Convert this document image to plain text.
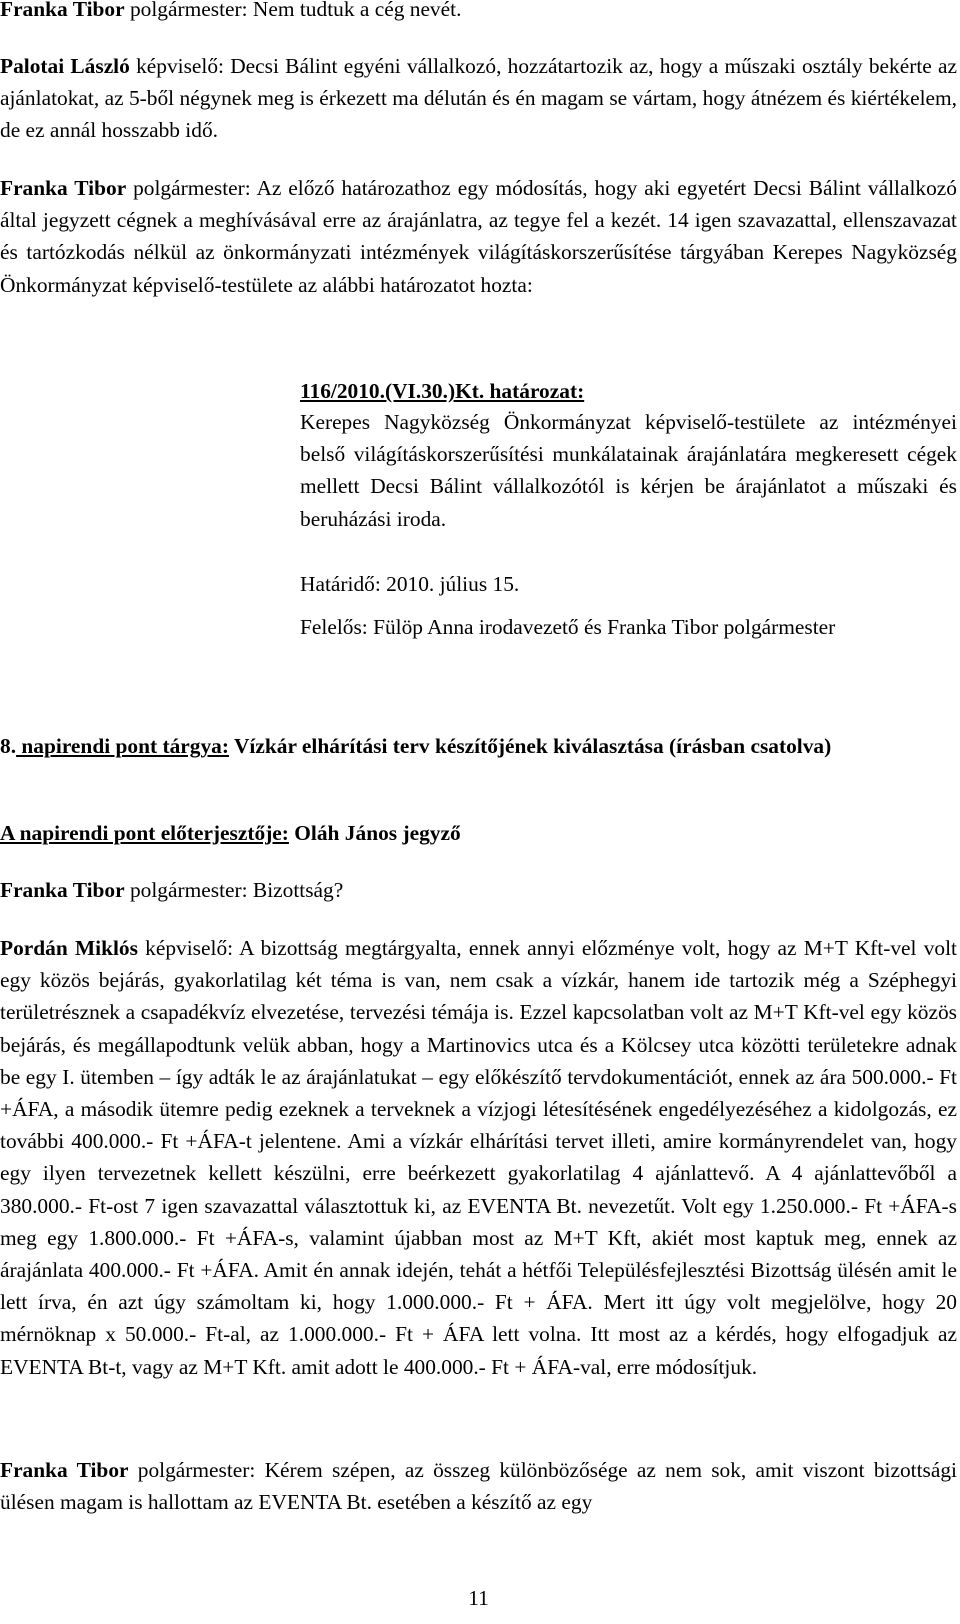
Franka Tibor polgármester: Nem tudtuk a cég nevét.

Palotai László képviselő: Decsi Bálint egyéni vállalkozó, hozzátartozik az, hogy a műszaki osztály bekérte az ajánlatokat, az 5-ből négynek meg is érkezett ma délután és én magam se vártam, hogy átnézem és kiértékelem, de ez annál hosszabb idő.

Franka Tibor polgármester: Az előző határozathoz egy módosítás, hogy aki egyetért Decsi Bálint vállalkozó által jegyzett cégnek a meghívásával erre az árajánlatra, az tegye fel a kezét. 14 igen szavazattal, ellenszavazat és tartózkodás nélkül az önkormányzati intézmények világításkorszerűsítése tárgyában Kerepes Nagyközség Önkormányzat képviselő-testülete az alábbi határozatot hozta:

116/2010.(VI.30.)Kt. határozat:

Kerepes Nagyközség Önkormányzat képviselő-testülete az intézményei belső világításkorszerűsítési munkálatainak árajánlatára megkeresett cégek mellett Decsi Bálint vállalkozótól is kérjen be árajánlatot a műszaki és beruházási iroda.

Határidő: 2010. július 15.

Felelős: Fülöp Anna irodavezető és Franka Tibor polgármester

8. napirendi pont tárgya: Vízkár elhárítási terv készítőjének kiválasztása (írásban csatolva)

A napirendi pont előterjesztője: Oláh János jegyző

Franka Tibor polgármester: Bizottság?

Pordán Miklós képviselő: A bizottság megtárgyalta, ennek annyi előzménye volt, hogy az M+T Kft-vel volt egy közös bejárás, gyakorlatilag két téma is van, nem csak a vízkár, hanem ide tartozik még a Széphegyi területrésznek a csapadékvíz elvezetése, tervezési témája is. Ezzel kapcsolatban volt az M+T Kft-vel egy közös bejárás, és megállapodtunk velük abban, hogy a Martinovics utca és a Kölcsey utca közötti területekre adnak be egy I. ütemben – így adták le az árajánlatukat – egy előkészítő tervdokumentációt, ennek az ára 500.000.- Ft +ÁFA, a második ütemre pedig ezeknek a terveknek a vízjogi létesítésének engedélyezéséhez a kidolgozás, ez további 400.000.- Ft +ÁFA-t jelentene. Ami a vízkár elhárítási tervet illeti, amire kormányrendelet van, hogy egy ilyen tervezetnek kellett készülni, erre beérkezett gyakorlatilag 4 ajánlattevő. A 4 ajánlattevőből a 380.000.- Ft-ost 7 igen szavazattal választottuk ki, az EVENTA Bt. nevezetűt. Volt egy 1.250.000.- Ft +ÁFA-s meg egy 1.800.000.- Ft +ÁFA-s, valamint újabban most az M+T Kft, akiét most kaptuk meg, ennek az árajánlata 400.000.- Ft +ÁFA. Amit én annak idején, tehát a hétfői Településfejlesztési Bizottság ülésén amit le lett írva, én azt úgy számoltam ki, hogy 1.000.000.- Ft + ÁFA. Mert itt úgy volt megjelölve, hogy 20 mérnöknap x 50.000.- Ft-al, az 1.000.000.- Ft + ÁFA lett volna. Itt most az a kérdés, hogy elfogadjuk az EVENTA Bt-t, vagy az M+T Kft. amit adott le 400.000.- Ft + ÁFA-val, erre módosítjuk.

Franka Tibor polgármester: Kérem szépen, az összeg különbözősége az nem sok, amit viszont bizottsági ülésen magam is hallottam az EVENTA Bt. esetében a készítő az egy

11
